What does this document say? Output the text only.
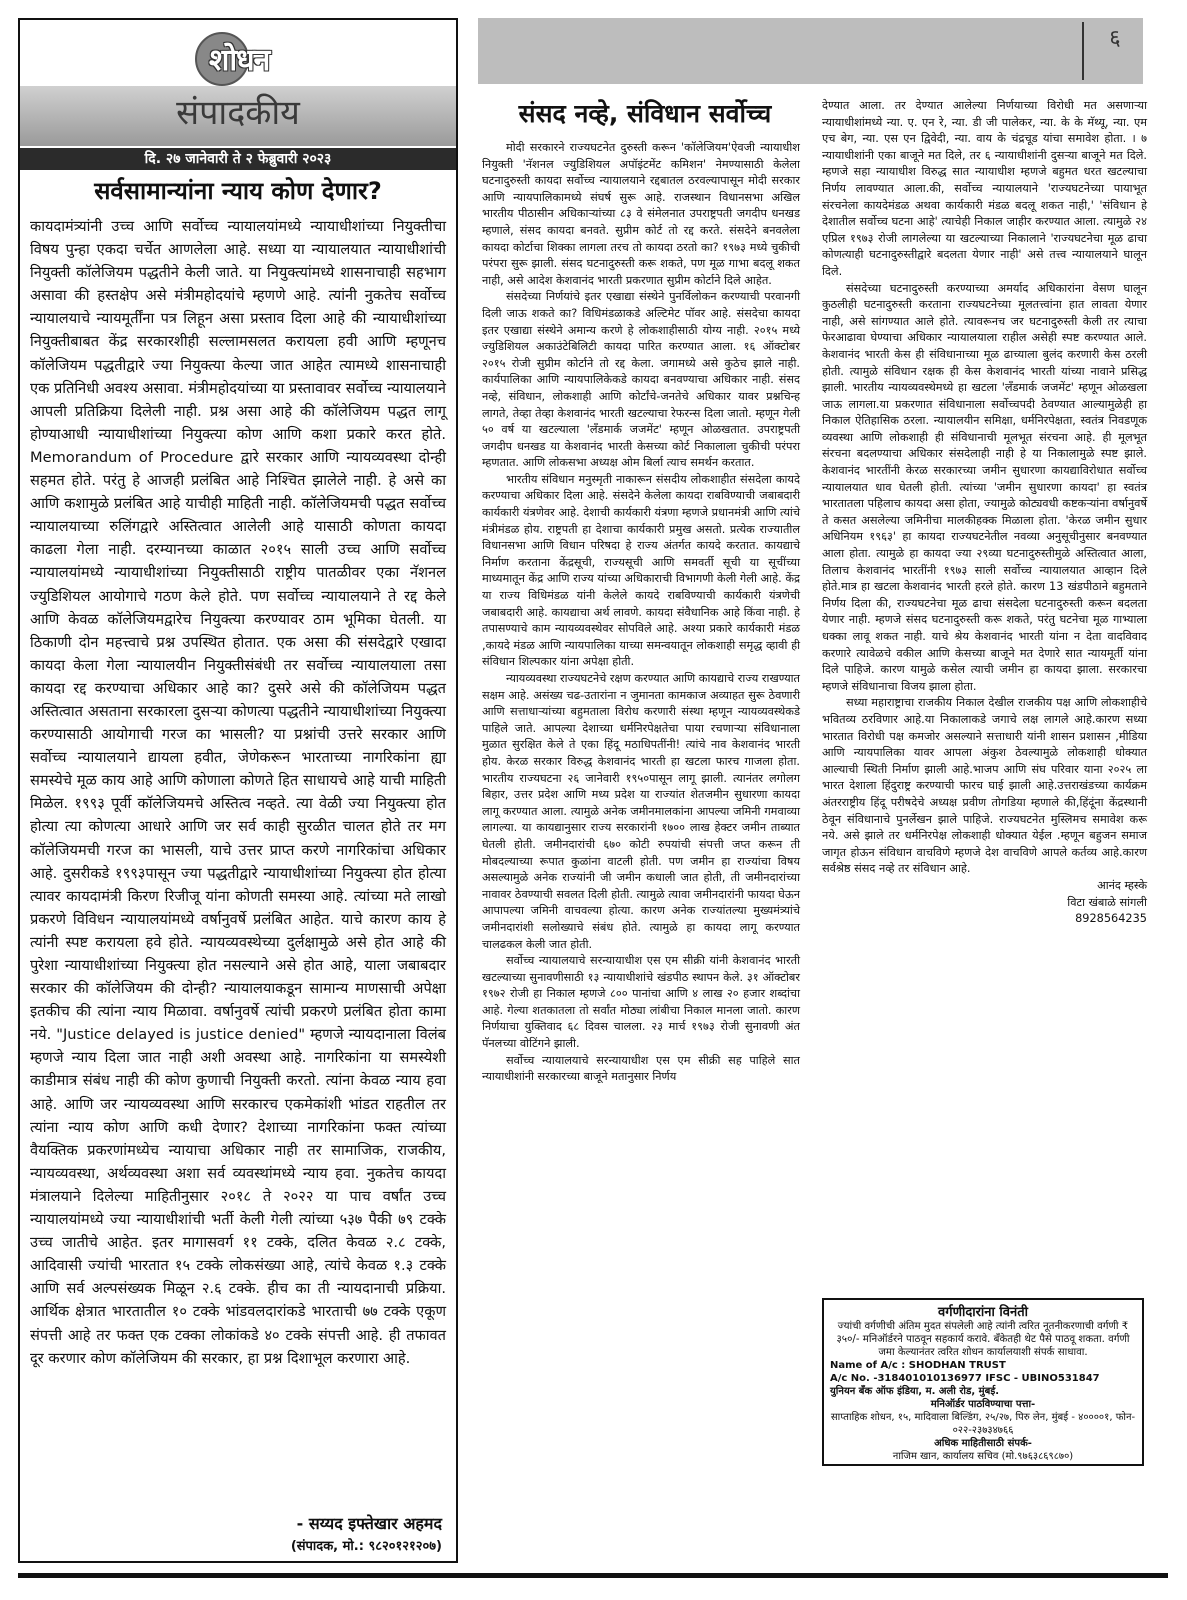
शोधन
संपादकीय
दि. २७ जानेवारी ते २ फेब्रुवारी २०२३
सर्वसामान्यांना न्याय कोण देणार?
कायदामंत्र्यांनी उच्च आणि सर्वोच्च न्यायालयांमध्ये न्यायाधीशांच्या नियुक्तीचा विषय पुन्हा एकदा चर्चेत आणलेला आहे. सध्या या न्यायालयात न्यायाधीशांची नियुक्ती कॉलेजियम पद्धतीने केली जाते. या नियुक्त्यांमध्ये शासनाचाही सहभाग असावा की हस्तक्षेप असे मंत्रीमहोदयांचे म्हणणे आहे. त्यांनी नुकतेच सर्वोच्च न्यायालयाचे न्यायमूर्तींना पत्र लिहून असा प्रस्ताव दिला आहे की न्यायाधीशांच्या नियुक्तीबाबत केंद्र सरकारशीही सल्लामसलत करायला हवी आणि म्हणूनच कॉलेजियम पद्धतीद्वारे ज्या नियुक्त्या केल्या जात आहेत त्यामध्ये शासनाचाही एक प्रतिनिधी अवश्य असावा. मंत्रीमहोदयांच्या या प्रस्तावावर सर्वोच्च न्यायालयाने आपली प्रतिक्रिया दिलेली नाही. प्रश्न असा आहे की कॉलेजियम पद्धत लागू होण्याआधी न्यायाधीशांच्या नियुक्त्या कोण आणि कशा प्रकारे करत होते. Memorandum of Procedure द्वारे सरकार आणि न्यायव्यवस्था दोन्ही सहमत होते. परंतु हे आजही प्रलंबित आहे निश्चित झालेले नाही. हे असे का आणि कशामुळे प्रलंबित आहे याचीही माहिती नाही. कॉलेजियमची पद्धत सर्वोच्च न्यायालयाच्या रुलिंगद्वारे अस्तित्वात आलेली आहे यासाठी कोणता कायदा काढला गेला नाही. दरम्यानच्या काळात २०१५ साली उच्च आणि सर्वोच्च न्यायालयांमध्ये न्यायाधीशांच्या नियुक्तीसाठी राष्ट्रीय पातळीवर एका नॅशनल ज्युडिशियल आयोगाचे गठण केले होते. पण सर्वोच्च न्यायालयाने ते रद्द केले आणि केवळ कॉलेजियमद्वारेच नियुक्त्या करण्यावर ठाम भूमिका घेतली. या ठिकाणी दोन महत्त्वाचे प्रश्न उपस्थित होतात. एक असा की संसदेद्वारे एखादा कायदा केला गेला न्यायालयीन नियुक्तीसंबंधी तर सर्वोच्च न्यायालयाला तसा कायदा रद्द करण्याचा अधिकार आहे का? दुसरे असे की कॉलेजियम पद्धत अस्तित्वात असताना सरकारला दुसऱ्या कोणत्या पद्धतीने न्यायाधीशांच्या नियुक्त्या करण्यासाठी आयोगाची गरज का भासली? या प्रश्नांची उत्तरे सरकार आणि सर्वोच्च न्यायालयाने द्यायला हवीत, जेणेकरून भारताच्या नागरिकांना ह्या समस्येचे मूळ काय आहे आणि कोणाला कोणते हित साधायचे आहे याची माहिती मिळेल. १९९३ पूर्वी कॉलेजियमचे अस्तित्व नव्हते. त्या वेळी ज्या नियुक्त्या होत होत्या त्या कोणत्या आधारे आणि जर सर्व काही सुरळीत चालत होते तर मग कॉलेजियमची गरज का भासली, याचे उत्तर प्राप्त करणे नागरिकांचा अधिकार आहे. दुसरीकडे १९९३पासून ज्या पद्धतीद्वारे न्यायाधीशांच्या नियुक्त्या होत होत्या त्यावर कायदामंत्री किरण रिजीजू यांना कोणती समस्या आहे. त्यांच्या मते लाखो प्रकरणे विविधन न्यायालयांमध्ये वर्षानुवर्षे प्रलंबित आहेत. याचे कारण काय हे त्यांनी स्पष्ट करायला हवे होते. न्यायव्यवस्थेच्या दुर्लक्षामुळे असे होत आहे की पुरेशा न्यायाधीशांच्या नियुक्त्या होत नसल्याने असे होत आहे, याला जबाबदार सरकार की कॉलेजियम की दोन्ही? न्यायालयाकडून सामान्य माणसाची अपेक्षा इतकीच की त्यांना न्याय मिळावा. वर्षानुवर्षे त्यांची प्रकरणे प्रलंबित होता कामा नये. "Justice delayed is justice denied" म्हणजे न्यायदानाला विलंब म्हणजे न्याय दिला जात नाही अशी अवस्था आहे. नागरिकांना या समस्येशी काडीमात्र संबंध नाही की कोण कुणाची नियुक्ती करतो. त्यांना केवळ न्याय हवा आहे. आणि जर न्यायव्यवस्था आणि सरकारच एकमेकांशी भांडत राहतील तर त्यांना न्याय कोण आणि कधी देणार? देशाच्या नागरिकांना फक्त त्यांच्या वैयक्तिक प्रकरणांमध्येच न्यायाचा अधिकार नाही तर सामाजिक, राजकीय, न्यायव्यवस्था, अर्थव्यवस्था अशा सर्व व्यवस्थांमध्ये न्याय हवा. नुकतेच कायदा मंत्रालयाने दिलेल्या माहितीनुसार २०१८ ते २०२२ या पाच वर्षांत उच्च न्यायालयांमध्ये ज्या न्यायाधीशांची भर्ती केली गेली त्यांच्या ५३७ पैकी ७९ टक्के उच्च जातीचे आहेत. इतर मागासवर्ग ११ टक्के, दलित केवळ २.८ टक्के, आदिवासी ज्यांची भारतात १५ टक्के लोकसंख्या आहे, त्यांचे केवळ १.३ टक्के आणि सर्व अल्पसंख्यक मिळून २.६ टक्के. हीच का ती न्यायदानाची प्रक्रिया. आर्थिक क्षेत्रात भारतातील १० टक्के भांडवलदारांकडे भारताची ७७ टक्के एकूण संपत्ती आहे तर फक्त एक टक्का लोकांकडे ४० टक्के संपत्ती आहे. ही तफावत दूर करणार कोण कॉलेजियम की सरकार, हा प्रश्न दिशाभूल करणारा आहे.
- सय्यद इफ्तेखार अहमद
(संपादक, मो.: ९८२०१२१२०७)
६
संसद नव्हे, संविधान सर्वोच्च

मोदी सरकारने राज्यघटनेत दुरुस्ती करून 'कॉलेजियम'ऐवजी न्यायाधीश नियुक्ती 'नॅशनल ज्युडिशियल अपॉइंटमेंट कमिशन' नेमण्यासाठी केलेला घटनादुरुस्ती कायदा सर्वोच्च न्यायालयाने रद्दबातल ठरवल्यापासून मोदी सरकार आणि न्यायपालिकामध्ये संघर्ष सुरू आहे. राजस्थान विधानसभा अखिल भारतीय पीठासीन अधिकाऱ्यांच्या ८३ वे संमेलनात उपराष्ट्रपती जगदीप धनखड म्हणाले, संसद कायदा बनवते. सुप्रीम कोर्ट तो रद्द करते. संसदेने बनवलेला कायदा कोर्टाचा शिक्का लागला तरच तो कायदा ठरतो का? १९७३ मध्ये चुकीची परंपरा सुरू झाली. संसद घटनादुरुस्ती करू शकते, पण मूळ गाभा बदलू शकत नाही, असे आदेश केशवानंद भारती प्रकरणात सुप्रीम कोर्टाने दिले आहेत.

संसदेच्या निर्णयांचे इतर एखाद्या संस्थेने पुनर्विलोकन करण्याची परवानगी दिली जाऊ शकते का? विधिमंडळाकडे अल्टिमेट पॉवर आहे. संसदेचा कायदा इतर एखाद्या संस्थेने अमान्य करणे हे लोकशाहीसाठी योग्य नाही. २०१५ मध्ये ज्युडिशियल अकाउंटेबिलिटी कायदा पारित करण्यात आला. १६ ऑक्टोबर २०१५ रोजी सुप्रीम कोर्टाने तो रद्द केला. जगामध्ये असे कुठेच झाले नाही. कार्यपालिका आणि न्यायपालिकेकडे कायदा बनवण्याचा अधिकार नाही. संसद नव्हे, संविधान, लोकशाही आणि कोर्टांचे-जनतेचे अधिकार यावर प्रश्नचिन्ह लागते, तेव्हा तेव्हा केशवानंद भारती खटल्याचा रेफरन्स दिला जातो. म्हणून गेली ५० वर्ष या खटल्याला 'लँडमार्क जजमेंट' म्हणून ओळखतात. उपराष्ट्रपती जगदीप धनखड या केशवानंद भारती केसच्या कोर्ट निकालाला चुकीची परंपरा म्हणतात. आणि लोकसभा अध्यक्ष ओम बिर्ला त्याच समर्थन करतात.

भारतीय संविधान मनुस्मृती नाकारून संसदीय लोकशाहीत संसदेला कायदे करण्याचा अधिकार दिला आहे. संसदेने केलेला कायदा राबविण्याची जबाबदारी कार्यकारी यंत्रणेवर आहे. देशाची कार्यकारी यंत्रणा म्हणजे प्रधानमंत्री आणि त्यांचे मंत्रीमंडळ होय. राष्ट्रपती हा देशाचा कार्यकारी प्रमुख असतो. प्रत्येक राज्यातील विधानसभा आणि विधान परिषदा हे राज्य अंतर्गत कायदे करतात. कायद्याचे निर्माण करताना केंद्रसूची, राज्यसूची आणि समवर्ती सूची या सूचींच्या माध्यमातून केंद्र आणि राज्य यांच्या अधिकाराची विभागणी केली गेली आहे. केंद्र या राज्य विधिमंडळ यांनी केलेले कायदे राबविण्याची कार्यकारी यंत्रणेची जबाबदारी आहे. कायद्याचा अर्थ लावणे. कायदा संवैधानिक आहे किंवा नाही. हे तपासण्याचे काम न्यायव्यवस्थेवर सोपविले आहे. अश्या प्रकारे कार्यकारी मंडळ ,कायदे मंडळ आणि न्यायपालिका याच्या समन्वयातून लोकशाही समृद्ध व्हावी ही संविधान शिल्पकार यांना अपेक्षा होती.

न्यायव्यवस्था राज्यघटनेचे रक्षण करण्यात आणि कायद्याचे राज्य राखण्यात सक्षम आहे. असंख्य चढ-उतारांना न जुमानता कामकाज अव्याहत सुरू ठेवणारी आणि सत्ताधाऱ्यांच्या बहुमताला विरोध करणारी संस्था म्हणून न्यायव्यवस्थेकडे पाहिले जाते. आपल्या देशाच्या धर्मनिरपेक्षतेचा पाया रचणाऱ्या संविधानाला मुळात सुरक्षित केले ते एका हिंदू मठाधिपतींनी! त्यांचे नाव केशवानंद भारती होय. केरळ सरकार विरुद्ध केशवानंद भारती हा खटला फारच गाजला होता. भारतीय राज्यघटना २६ जानेवारी १९५०पासून लागू झाली. त्यानंतर लगोलग बिहार, उत्तर प्रदेश आणि मध्य प्रदेश या राज्यांत शेतजमीन सुधारणा कायदा लागू करण्यात आला. त्यामुळे अनेक जमीनमालकांना आपल्या जमिनी गमवाव्या लागल्या. या कायद्यानुसार राज्य सरकारांनी १७०० लाख हेक्टर जमीन ताब्यात घेतली होती. जमीनदारांची ६७० कोटी रुपयांची संपत्ती जप्त करून ती मोबदल्याच्या रूपात कुळांना वाटली होती. पण जमीन हा राज्यांचा विषय असल्यामुळे अनेक राज्यांनी जी जमीन कधाली जात होती, ती जमीनदारांच्या नावावर ठेवण्याची सवलत दिली होती. त्यामुळे त्यावा जमीनदारांनी फायदा घेऊन आपापल्या जमिनी वाचवल्या होत्या. कारण अनेक राज्यांतल्या मुख्यमंत्र्यांचे जमीनदारांशी सलोख्याचे संबंध होते. त्यामुळे हा कायदा लागू करण्यात चालढकल केली जात होती.

सर्वोच्च न्यायालयाचे सरन्यायाधीश एस एम सीक्री यांनी केशवानंद भारती खटल्याच्या सुनावणीसाठी १३ न्यायाधीशांचे खंडपीठ स्थापन केले. ३१ ऑक्टोबर १९७२ रोजी हा निकाल म्हणजे ८०० पानांचा आणि ४ लाख २० हजार शब्दांचा आहे. गेल्या शतकातला तो सर्वांत मोठ्या लांबीचा निकाल मानला जातो. कारण निर्णयाचा युक्तिवाद ६८ दिवस चालला. २३ मार्च १९७३ रोजी सुनावणी अंत पॅनलच्या वोटिंगने झाली.

सर्वोच्च न्यायालयाचे सरन्यायाधीश एस एम सीक्री सह पाहिले सात न्यायाधीशांनी सरकारच्या बाजूने मतानुसार निर्णय

देण्यात आला. तर देण्यात आलेल्या निर्णयाच्या विरोधी मत असणाऱ्या न्यायाधीशांमध्ये न्या. ए. एन रे, न्या. डी जी पालेकर, न्या. के के मॅथ्यू, न्या. एम एच बेग, न्या. एस एन द्विवेदी, न्या. वाय के चंद्रचूड यांचा समावेश होता. । ७ न्यायाधीशांनी एका बाजूने मत दिले, तर ६ न्यायाधीशांनी दुसऱ्या बाजूने मत दिले. म्हणजे सहा न्यायाधीश विरुद्ध सात न्यायाधीश म्हणजे बहुमत धरत खटल्याचा निर्णय लावण्यात आला.की, सर्वोच्च न्यायालयाने 'राज्यघटनेच्या पायाभूत संरचनेला कायदेमंडळ अथवा कार्यकारी मंडळ बदलू शकत नाही,' 'संविधान हे देशातील सर्वोच्च घटना आहे' त्याचेही निकाल जाहीर करण्यात आला. त्यामुळे २४ एप्रिल १९७३ रोजी लागलेल्या या खटल्याच्या निकालाने 'राज्यघटनेचा मूळ ढाचा कोणत्याही घटनादुरुस्तीद्वारे बदलता येणार नाही' असे तत्त्व न्यायालयाने घालून दिले.

संसदेच्या घटनादुरुस्ती करण्याच्या अमर्याद अधिकारांना वेसण घालून कुठलीही घटनादुरुस्ती करताना राज्यघटनेच्या मूलतत्त्वांना हात लावता येणार नाही, असे सांगण्यात आले होते. त्यावरूनच जर घटनादुरुस्ती केली तर त्याचा फेरआढावा घेण्याचा अधिकार न्यायालयाला राहील असेही स्पष्ट करण्यात आले. केशवानंद भारती केस ही संविधानाच्या मूळ ढाच्याला बुलंद करणारी केस ठरली होती. त्यामुळे संविधान रक्षक ही केस केशवानंद भारती यांच्या नावाने प्रसिद्ध झाली. भारतीय न्यायव्यवस्थेमध्ये हा खटला 'लँडमार्क जजमेंट' म्हणून ओळखला जाऊ लागला.या प्रकरणात संविधानाला सर्वोच्चपदी ठेवण्यात आल्यामुळेही हा निकाल ऐतिहासिक ठरला. न्यायालयीन समिक्षा, धर्मनिरपेक्षता, स्वतंत्र निवडणूक व्यवस्था आणि लोकशाही ही संविधानाची मूलभूत संरचना आहे. ही मूलभूत संरचना बदलण्याचा अधिकार संसदेलाही नाही हे या निकालामुळे स्पष्ट झाले. केशवानंद भारतींनी केरळ सरकारच्या जमीन सुधारणा कायद्याविरोधात सर्वोच्च न्यायालयात धाव घेतली होती. त्यांच्या 'जमीन सुधारणा कायदा' हा स्वतंत्र भारतातला पहिलाच कायदा असा होता, ज्यामुळे कोट्यवधी कष्टकऱ्यांना वर्षानुवर्षे ते कसत असलेल्या जमिनीचा मालकीहक्क मिळाला होता. 'केरळ जमीन सुधार अधिनियम १९६३' हा कायदा राज्यघटनेतील नवव्या अनुसूचीनुसार बनवण्यात आला होता. त्यामुळे हा कायदा ज्या २९व्या घटनादुरुस्तीमुळे अस्तित्वात आला, तिलाच केशवानंद भारतींनी १९७३ साली सर्वोच्च न्यायालयात आव्हान दिले होते.मात्र हा खटला केशवानंद भारती हरले होते. कारण 13 खंडपीठाने बहुमताने निर्णय दिला की, राज्यघटनेचा मूळ ढाचा संसदेला घटनादुरुस्ती करून बदलता येणार नाही. म्हणजे संसद घटनादुरुस्ती करू शकते, परंतु घटनेचा मूळ गाभ्याला धक्का लावू शकत नाही. याचे श्रेय केशवानंद भारती यांना न देता वादविवाद करणारे त्यावेळचे वकील आणि केसच्या बाजूने मत देणारे सात न्यायमूर्ती यांना दिले पाहिजे. कारण यामुळे कसेल त्याची जमीन हा कायदा झाला. सरकारचा म्हणजे संविधानाचा विजय झाला होता.

सध्या महाराष्ट्राचा राजकीय निकाल देखील राजकीय पक्ष आणि लोकशाहीचे भवितव्य ठरविणार आहे.या निकालाकडे जगाचे लक्ष लागले आहे.कारण सध्या भारतात विरोधी पक्ष कमजोर असल्याने सत्ताधारी यांनी शासन प्रशासन ,मीडिया आणि न्यायपालिका यावर आपला अंकुश ठेवल्यामुळे लोकशाही धोक्यात आल्याची स्थिती निर्माण झाली आहे.भाजप आणि संघ परिवार याना २०२५ ला भारत देशाला हिंदुराष्ट्र करण्याची फारच घाई झाली आहे.उत्तराखंडच्या कार्यक्रम अंतरराष्ट्रीय हिंदू परीषदेचे अध्यक्ष प्रवीण तोगडिया म्हणाले की,हिंदूंना केंद्रस्थानी ठेवून संविधानाचे पुनर्लेखन झाले पाहिजे. राज्यघटनेत मुस्लिमच समावेश करू नये. असे झाले तर धर्मनिरपेक्ष लोकशाही धोक्यात येईल .म्हणून बहुजन समाज जागृत होऊन संविधान वाचविणे म्हणजे देश वाचविणे आपले कर्तव्य आहे.कारण सर्वश्रेष्ठ संसद नव्हे तर संविधान आहे.

आनंद म्हस्के

विटा खंबाळे सांगली

8928564235

वर्गणीदारांना विनंती
ज्यांची वर्गणीची अंतिम मुदत संपलेली आहे त्यांनी त्वरित नूतनीकरणाची वर्गणी ₹ ३५०/- मनिऑर्डरने पाठवून सहकार्य करावे. बँकेतही थेट पैसे पाठवू शकता. वर्गणी जमा केल्यानंतर त्वरित शोधन कार्यालयाशी संपर्क साधावा.
Name of A/c : SHODHAN TRUST
A/c No. -318401010136977 IFSC - UBINO531847
युनियन बँक ऑफ इंडिया, म. अली रोड, मुंबई.
मनिऑर्डर पाठविण्याचा पत्ता-
साप्ताहिक शोधन, १५, मादिवाला बिल्डिंग, २५/२७, पिरु लेन, मुंबई - ४००००१, फोन- ०२२-२३७३४७६६
अधिक माहितीसाठी संपर्क-
नाजिम खान, कार्यालय सचिव (मो.९७६३८६९८७०)
